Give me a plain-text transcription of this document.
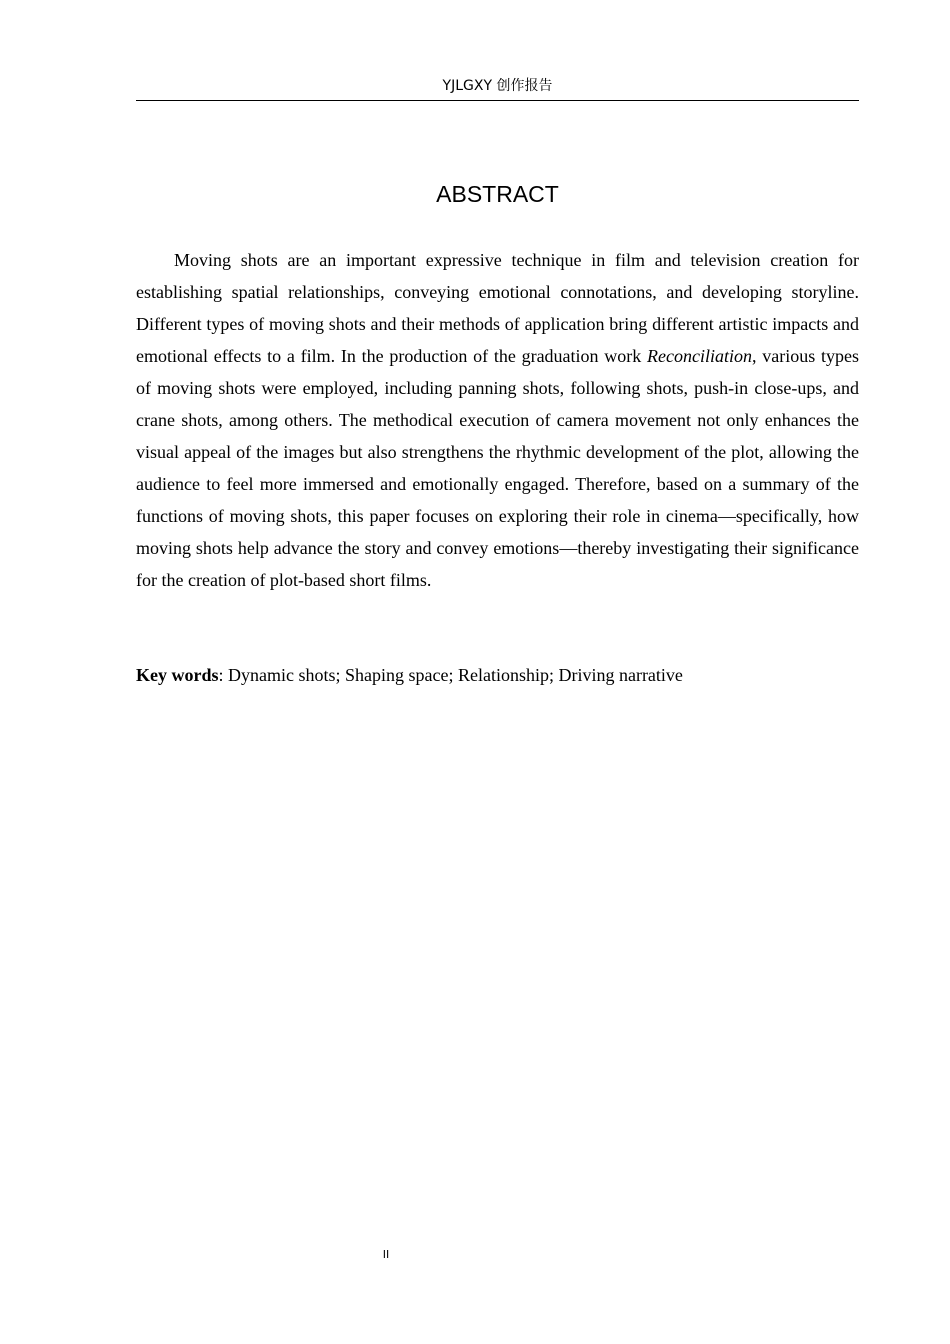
YJLGXY 创作报告
ABSTRACT

Moving shots are an important expressive technique in film and television creation for establishing spatial relationships, conveying emotional connotations, and developing storyline. Different types of moving shots and their methods of application bring different artistic impacts and emotional effects to a film. In the production of the graduation work Reconciliation, various types of moving shots were employed, including panning shots, following shots, push-in close-ups, and crane shots, among others. The methodical execution of camera movement not only enhances the visual appeal of the images but also strengthens the rhythmic development of the plot, allowing the audience to feel more immersed and emotionally engaged. Therefore, based on a summary of the functions of moving shots, this paper focuses on exploring their role in cinema—specifically, how moving shots help advance the story and convey emotions—thereby investigating their significance for the creation of plot-based short films.

Key words: Dynamic shots; Shaping space; Relationship; Driving narrative

II
